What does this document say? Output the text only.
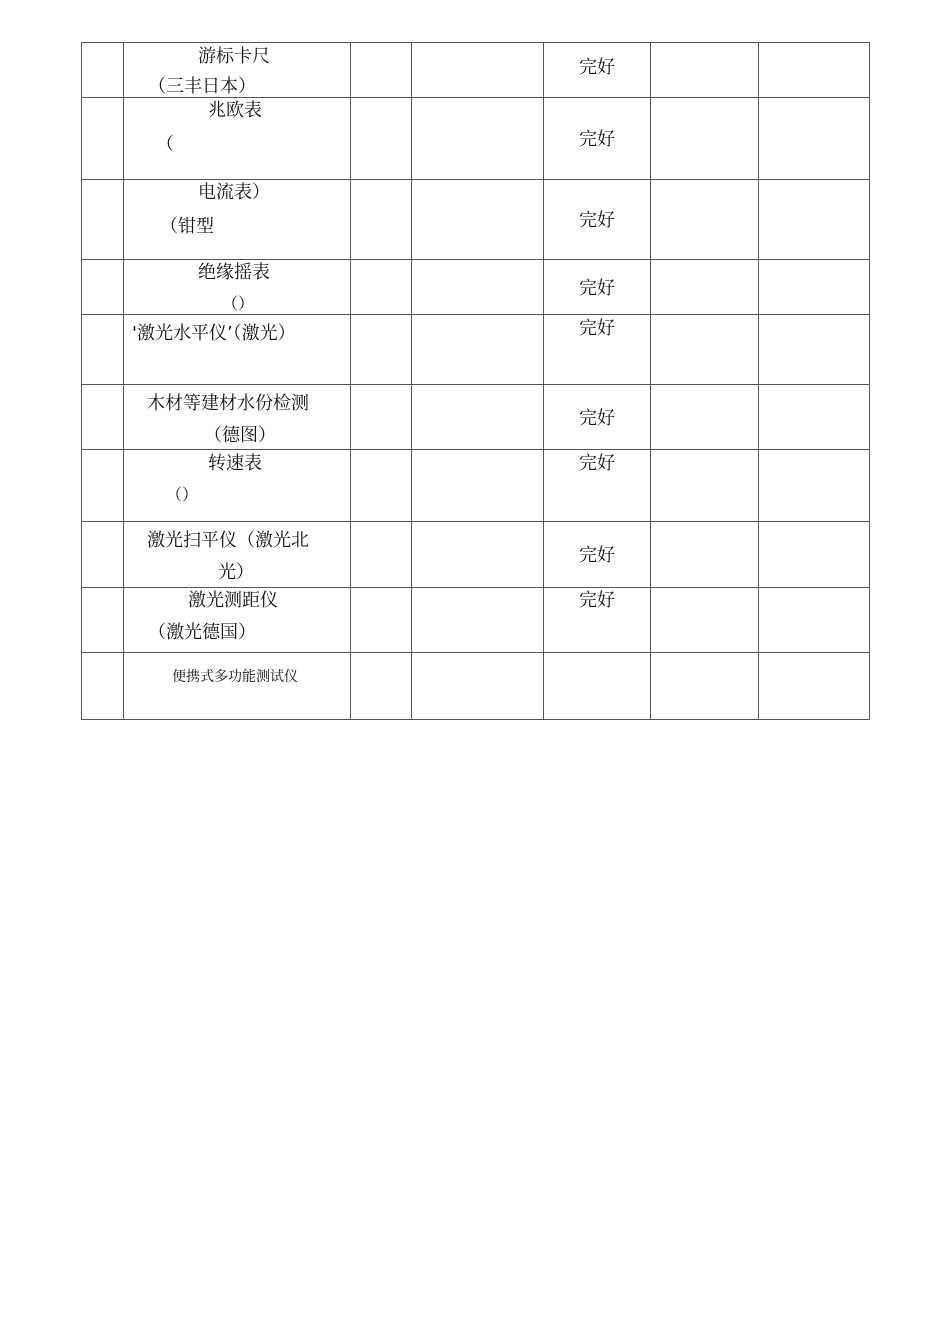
	游标卡尺
（三丰日本）			完好		

	兆欧表
（			完好		

	电流表）
（钳型			完好		

	绝缘摇表
（）			完好		

	'激光水平仪’（激光）			完好		

	木材等建材水份检测
（德图）			完好		

	转速表
（）			完好		

	激光扫平仪（激光北
光）			完好		

	激光测距仪
（激光德国）			完好		

	便携式多功能测试仪					
